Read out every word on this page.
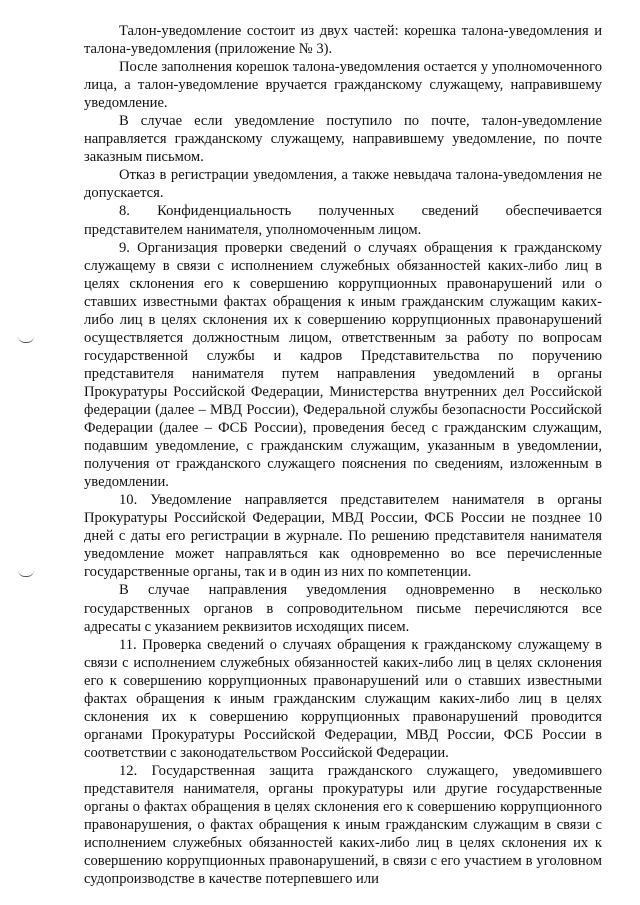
Талон-уведомление состоит из двух частей: корешка талона-уведомления и талона-уведомления (приложение № 3).

После заполнения корешок талона-уведомления остается у уполномоченного лица, а талон-уведомление вручается гражданскому служащему, направившему уведомление.

В случае если уведомление поступило по почте, талон-уведомление направляется гражданскому служащему, направившему уведомление, по почте заказным письмом.

Отказ в регистрации уведомления, а также невыдача талона-уведомления не допускается.

8. Конфиденциальность полученных сведений обеспечивается представителем нанимателя, уполномоченным лицом.

9. Организация проверки сведений о случаях обращения к гражданскому служащему в связи с исполнением служебных обязанностей каких-либо лиц в целях склонения его к совершению коррупционных правонарушений или о ставших известными фактах обращения к иным гражданским служащим каких-либо лиц в целях склонения их к совершению коррупционных правонарушений осуществляется должностным лицом, ответственным за работу по вопросам государственной службы и кадров Представительства по поручению представителя нанимателя путем направления уведомлений в органы Прокуратуры Российской Федерации, Министерства внутренних дел Российской федерации (далее – МВД России), Федеральной службы безопасности Российской Федерации (далее – ФСБ России), проведения бесед с гражданским служащим, подавшим уведомление, с гражданским служащим, указанным в уведомлении, получения от гражданского служащего пояснения по сведениям, изложенным в уведомлении.

10. Уведомление направляется представителем нанимателя в органы Прокуратуры Российской Федерации, МВД России, ФСБ России не позднее 10 дней с даты его регистрации в журнале. По решению представителя нанимателя уведомление может направляться как одновременно во все перечисленные государственные органы, так и в один из них по компетенции.

В случае направления уведомления одновременно в несколько государственных органов в сопроводительном письме перечисляются все адресаты с указанием реквизитов исходящих писем.

11. Проверка сведений о случаях обращения к гражданскому служащему в связи с исполнением служебных обязанностей каких-либо лиц в целях склонения его к совершению коррупционных правонарушений или о ставших известными фактах обращения к иным гражданским служащим каких-либо лиц в целях склонения их к совершению коррупционных правонарушений проводится органами Прокуратуры Российской Федерации, МВД России, ФСБ России в соответствии с законодательством Российской Федерации.

12. Государственная защита гражданского служащего, уведомившего представителя нанимателя, органы прокуратуры или другие государственные органы о фактах обращения в целях склонения его к совершению коррупционного правонарушения, о фактах обращения к иным гражданским служащим в связи с исполнением служебных обязанностей каких-либо лиц в целях склонения их к совершению коррупционных правонарушений, в связи с его участием в уголовном судопроизводстве в качестве потерпевшего или
